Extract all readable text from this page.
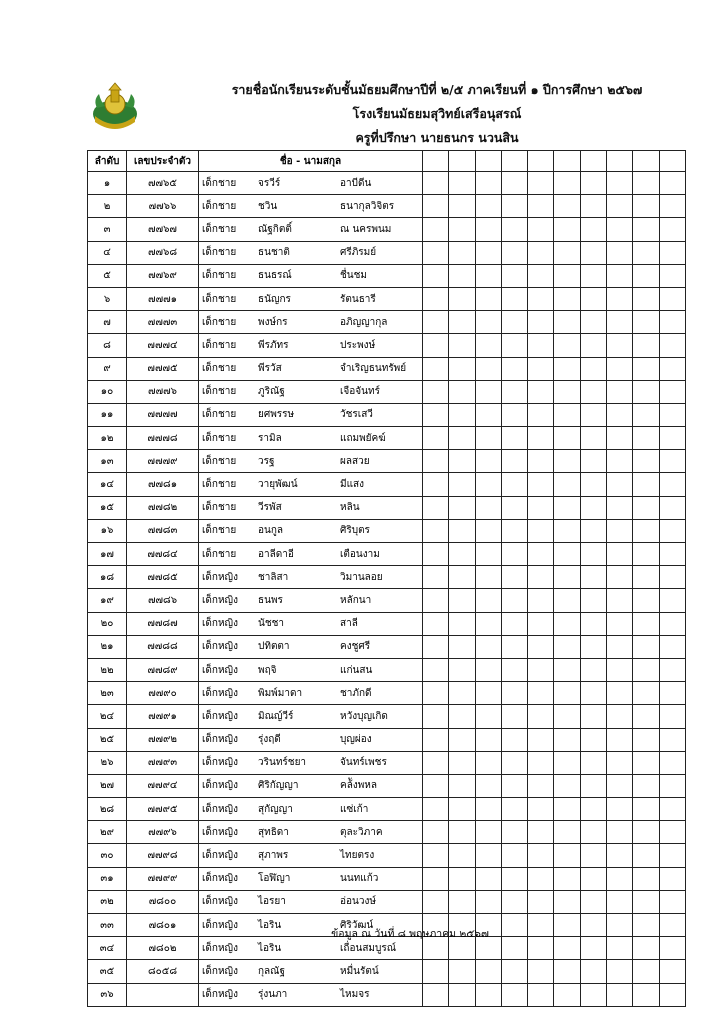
รายชื่อนักเรียนระดับชั้นมัธยมศึกษาปีที่ ๒/๕ ภาคเรียนที่ ๑ ปีการศึกษา ๒๕๖๗
โรงเรียนมัธยมสุวิทย์เสรีอนุสรณ์
ครูที่ปรึกษา นายธนกร นวนสิน
ลำดับ	เลขประจำตัว	ชื่อ - นามสกุล										
๑	๗๗๖๕	เด็กชาย จรวีร์ อาบีดีน										
๒	๗๗๖๖	เด็กชาย ชวิน ธนากุลวิจิตร										
๓	๗๗๖๗	เด็กชาย ณัฐกิตติ์ ณ นครพนม										
๔	๗๗๖๘	เด็กชาย ธนชาติ ศรีภิรมย์										
๕	๗๗๖๙	เด็กชาย ธนธรณ์ ชื่นชม										
๖	๗๗๗๑	เด็กชาย ธนัญกร รัตนธารี										
๗	๗๗๗๓	เด็กชาย พงษ์กร อภิญญากุล										
๘	๗๗๗๔	เด็กชาย พีรภัทร ประพงษ์										
๙	๗๗๗๕	เด็กชาย พีรวัส จำเริญธนทรัพย์										
๑๐	๗๗๗๖	เด็กชาย ภูริณัฐ เจือจันทร์										
๑๑	๗๗๗๗	เด็กชาย ยศพรรษ วัชรเสวี										
๑๒	๗๗๗๘	เด็กชาย รามิล แถมพยัคฆ์										
๑๓	๗๗๗๙	เด็กชาย วรฐ ผลสวย										
๑๔	๗๗๘๑	เด็กชาย วายุพัฒน์ มีแสง										
๑๕	๗๗๘๒	เด็กชาย วีรพัส หลิน										
๑๖	๗๗๘๓	เด็กชาย อนกูล ศิริบุตร										
๑๗	๗๗๘๔	เด็กชาย อาลีดาอี เตือนงาม										
๑๘	๗๗๘๕	เด็กหญิง ชาลิสา วิมานลอย										
๑๙	๗๗๘๖	เด็กหญิง ธนพร หลักนา										
๒๐	๗๗๘๗	เด็กหญิง นัชชา สาลี										
๒๑	๗๗๘๘	เด็กหญิง ปทิตตา คงชูศรี										
๒๒	๗๗๘๙	เด็กหญิง พฤจิ แก่นสน										
๒๓	๗๗๙๐	เด็กหญิง พิมพ์มาดา ชาภักดี										
๒๔	๗๗๙๑	เด็กหญิง มิณญ์วีร์ หวังบุญเกิด										
๒๕	๗๗๙๒	เด็กหญิง รุ่งฤดี บุญผ่อง										
๒๖	๗๗๙๓	เด็กหญิง วรินทร์ชยา จันทร์เพชร										
๒๗	๗๗๙๔	เด็กหญิง ศิริกัญญา คล้ังพหล										
๒๘	๗๗๙๕	เด็กหญิง สุกัญญา แซ่เก้า										
๒๙	๗๗๙๖	เด็กหญิง สุทธิดา ตุละวิภาค										
๓๐	๗๗๙๘	เด็กหญิง สุภาพร ไทยตรง										
๓๑	๗๗๙๙	เด็กหญิง โอฬิญา นนทแก้ว										
๓๒	๗๘๐๐	เด็กหญิง ไอรยา อ่อนวงษ์										
๓๓	๗๘๐๑	เด็กหญิง ไอริน ศิริวัฒน์										
๓๔	๗๘๐๒	เด็กหญิง ไอริน เถื่อนสมบูรณ์										
๓๕	๘๐๕๘	เด็กหญิง กุลณัฐ หมื่นรัตน์										
๓๖		เด็กหญิง รุ่งนภา ไหมจร										
ข้อมูล ณ วันที่ ๘ พฤษภาคม ๒๕๖๗
